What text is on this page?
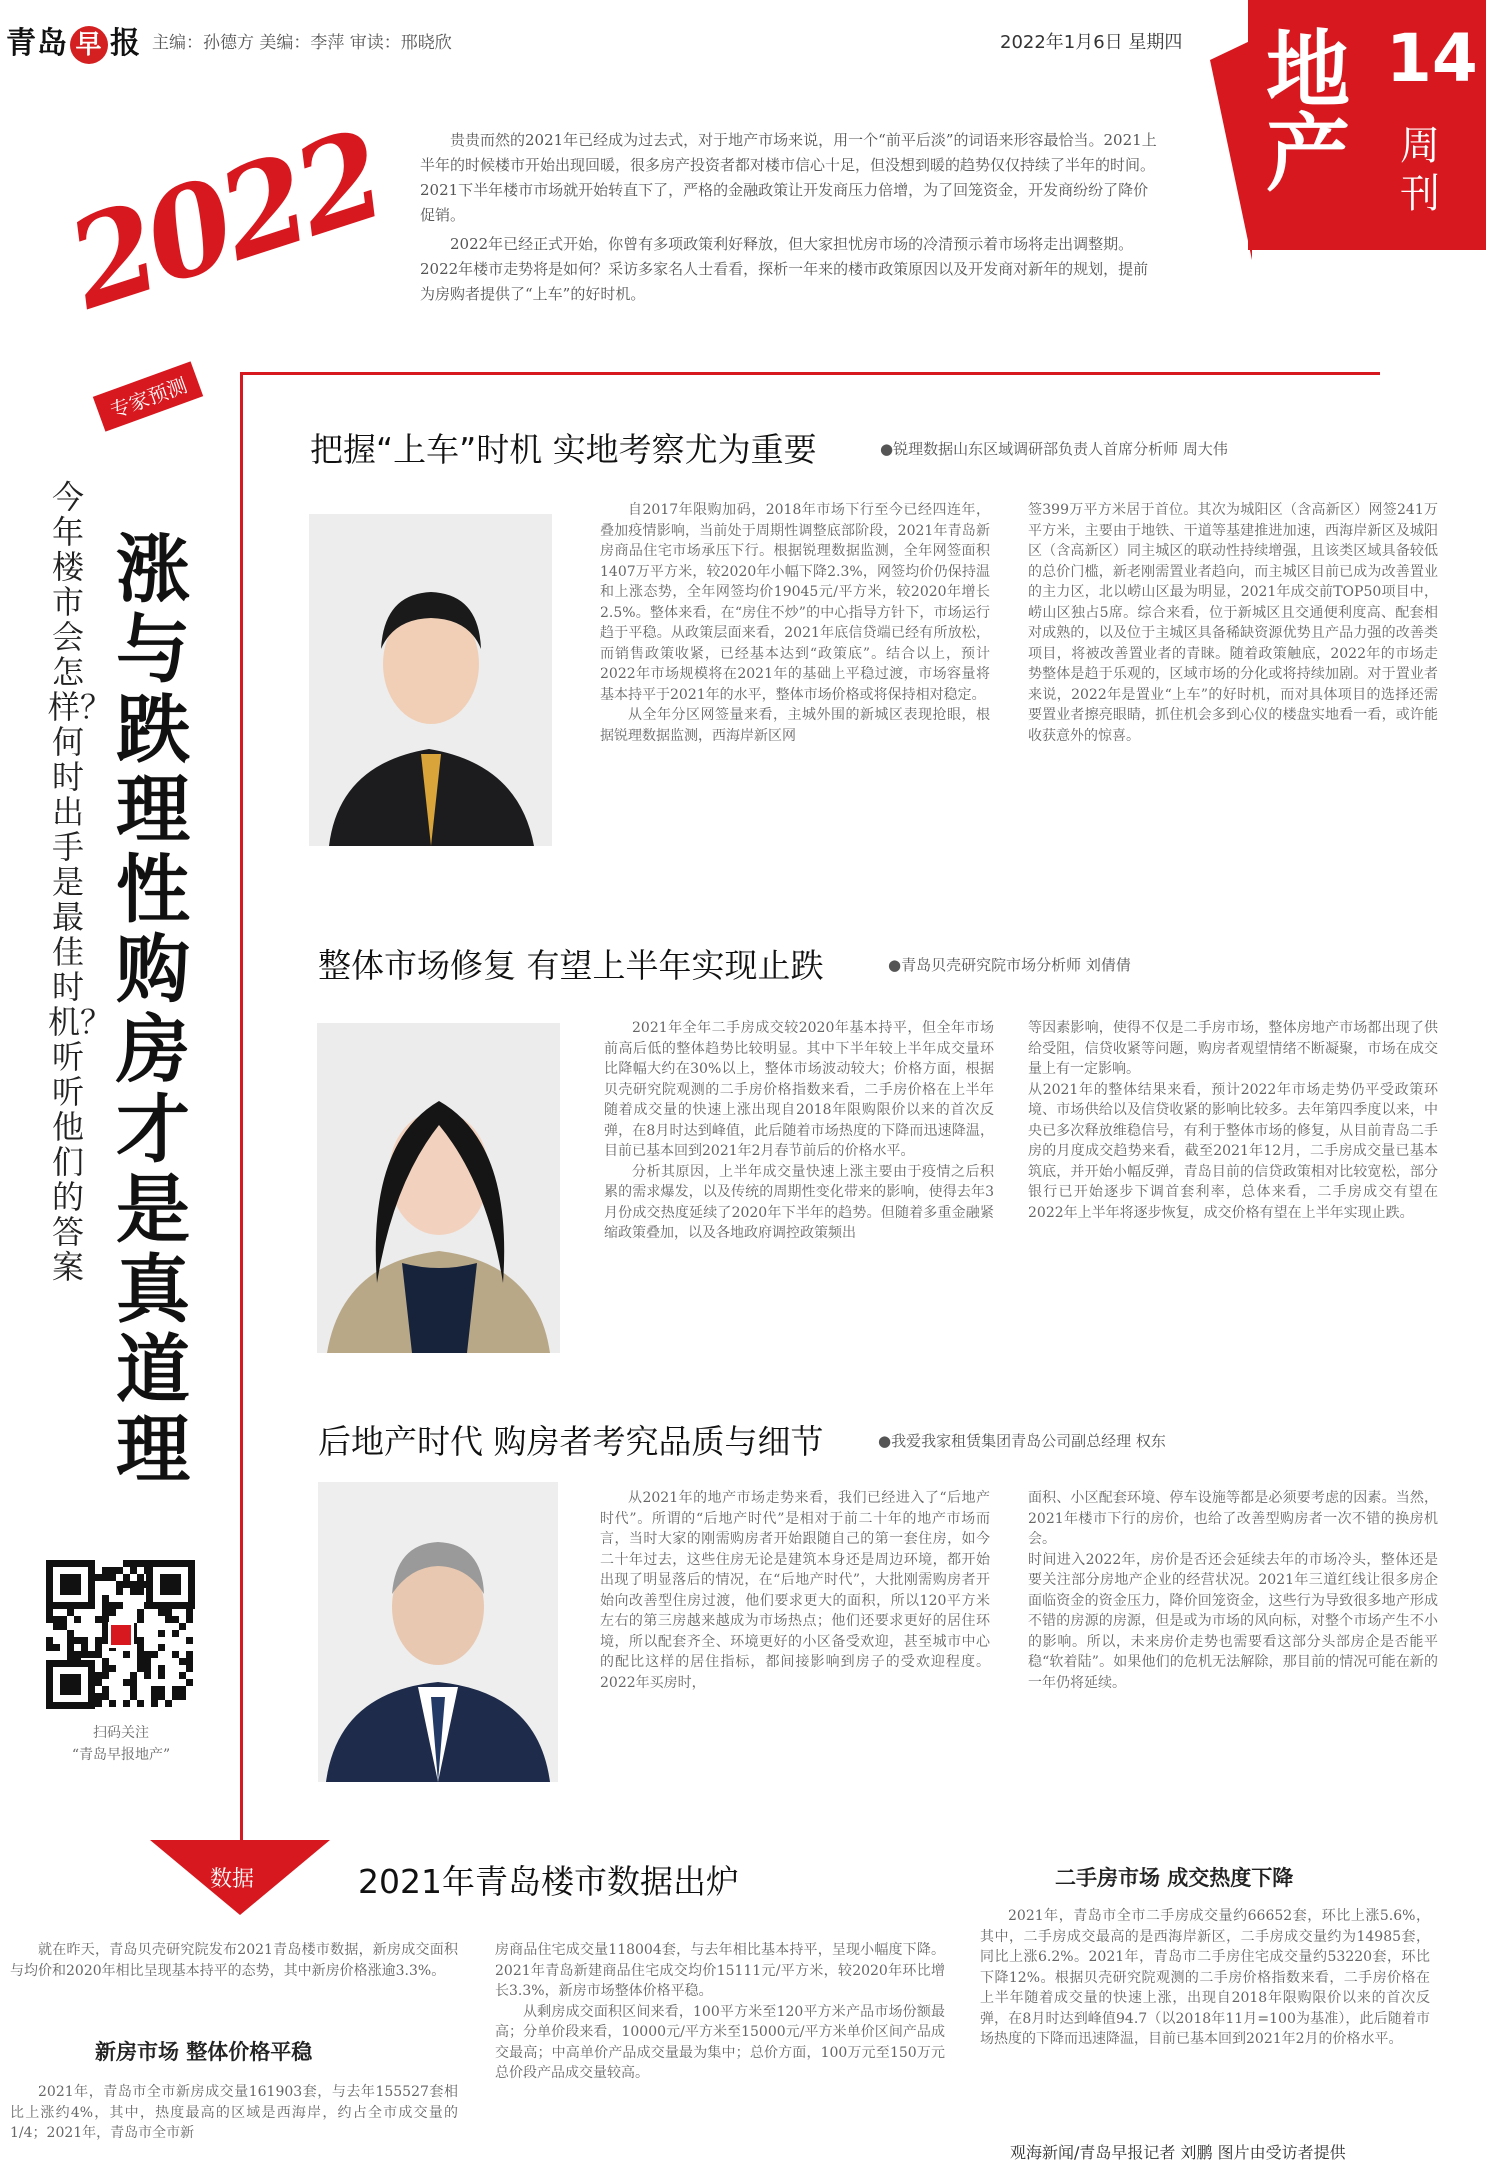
青岛 早 报 主编：孙德方 美编：李萍 审读：邢晓欣	2022年1月6日 星期四 地产
14
周刊

贵贵而然的2021年已经成为过去式，对于地产市场来说，用一个“前平后淡”的词语来形容最恰当。2021上半年的时候楼市开始出现回暖，很多房产投资者都对楼市信心十足，但没想到暖的趋势仅仅持续了半年的时间。2021下半年楼市市场就开始转直下了，严格的金融政策让开发商压力倍增，为了回笼资金，开发商纷纷了降价促销。

2022年已经正式开始，你曾有多项政策利好释放，但大家担忧房市场的冷清预示着市场将走出调整期。2022年楼市走势将是如何？采访多家名人士看看，探析一年来的楼市政策原因以及开发商对新年的规划，提前为房购者提供了“上车”的好时机。

2022
专家预测
今年楼市会怎样？何时出手是最佳时机？听听他们的答案
涨与跌 理性购房才是真道理
扫码关注
“青岛早报地产”
把握“上车”时机 实地考察尤为重要	●锐理数据山东区域调研部负责人首席分析师 周大伟

自2017年限购加码，2018年市场下行至今已经四连年，叠加疫情影响，当前处于周期性调整底部阶段，2021年青岛新房商品住宅市场承压下行。根据锐理数据监测，全年网签面积1407万平方米，较2020年小幅下降2.3%，网签均价仍保持温和上涨态势，全年网签均价19045元/平方米，较2020年增长2.5%。整体来看，在“房住不炒”的中心指导方针下，市场运行趋于平稳。从政策层面来看，2021年底信贷端已经有所放松，而销售政策收紧，已经基本达到“政策底”。结合以上，预计2022年市场规模将在2021年的基础上平稳过渡，市场容量将基本持平于2021年的水平，整体市场价格或将保持相对稳定。

从全年分区网签量来看，主城外围的新城区表现抢眼，根据锐理数据监测，西海岸新区网

签399万平方米居于首位。其次为城阳区（含高新区）网签241万平方米，主要由于地铁、干道等基建推进加速，西海岸新区及城阳区（含高新区）同主城区的联动性持续增强，且该类区域具备较低的总价门槛，新老刚需置业者趋向，而主城区目前已成为改善置业的主力区，北以崂山区最为明显，2021年成交前TOP50项目中，崂山区独占5席。综合来看，位于新城区且交通便利度高、配套相对成熟的，以及位于主城区具备稀缺资源优势且产品力强的改善类项目，将被改善置业者的青睐。随着政策触底，2022年的市场走势整体是趋于乐观的，区域市场的分化或将持续加剧。对于置业者来说，2022年是置业“上车”的好时机，而对具体项目的选择还需要置业者擦亮眼睛，抓住机会多到心仪的楼盘实地看一看，或许能收获意外的惊喜。

整体市场修复 有望上半年实现止跌	●青岛贝壳研究院市场分析师 刘倩倩

2021年全年二手房成交较2020年基本持平，但全年市场前高后低的整体趋势比较明显。其中下半年较上半年成交量环比降幅大约在30%以上，整体市场波动较大；价格方面，根据贝壳研究院观测的二手房价格指数来看，二手房价格在上半年随着成交量的快速上涨出现自2018年限购限价以来的首次反弹，在8月时达到峰值，此后随着市场热度的下降而迅速降温，目前已基本回到2021年2月春节前后的价格水平。

分析其原因，上半年成交量快速上涨主要由于疫情之后积累的需求爆发，以及传统的周期性变化带来的影响，使得去年3月份成交热度延续了2020年下半年的趋势。但随着多重金融紧缩政策叠加，以及各地政府调控政策频出

等因素影响，使得不仅是二手房市场，整体房地产市场都出现了供给受阻，信贷收紧等问题，购房者观望情绪不断凝聚，市场在成交量上有一定影响。

从2021年的整体结果来看，预计2022年市场走势仍平受政策环境、市场供给以及信贷收紧的影响比较多。去年第四季度以来，中央已多次释放维稳信号，有利于整体市场的修复，从目前青岛二手房的月度成交趋势来看，截至2021年12月，二手房成交量已基本筑底，并开始小幅反弹，青岛目前的信贷政策相对比较宽松，部分银行已开始逐步下调首套利率，总体来看，二手房成交有望在2022年上半年将逐步恢复，成交价格有望在上半年实现止跌。

后地产时代 购房者考究品质与细节	●我爱我家租赁集团青岛公司副总经理 权东

从2021年的地产市场走势来看，我们已经进入了“后地产时代”。所谓的“后地产时代”是相对于前二十年的地产市场而言，当时大家的刚需购房者开始跟随自己的第一套住房，如今二十年过去，这些住房无论是建筑本身还是周边环境，都开始出现了明显落后的情况，在“后地产时代”，大批刚需购房者开始向改善型住房过渡，他们要求更大的面积，所以120平方米左右的第三房越来越成为市场热点；他们还要求更好的居住环境，所以配套齐全、环境更好的小区备受欢迎，甚至城市中心的配比这样的居住指标，都间接影响到房子的受欢迎程度。2022年买房时，

面积、小区配套环境、停车设施等都是必须要考虑的因素。当然，2021年楼市下行的房价，也给了改善型购房者一次不错的换房机会。

时间进入2022年，房价是否还会延续去年的市场冷头，整体还是要关注部分房地产企业的经营状况。2021年三道红线让很多房企面临资金的资金压力，降价回笼资金，这些行为导致很多地产形成不错的房源的房源，但是或为市场的风向标，对整个市场产生不小的影响。所以，未来房价走势也需要看这部分头部房企是否能平稳“软着陆”。如果他们的危机无法解除，那目前的情况可能在新的一年仍将延续。

数据	2021年青岛楼市数据出炉
就在昨天，青岛贝壳研究院发布2021青岛楼市数据，新房成交面积与均价和2020年相比呈现基本持平的态势，其中新房价格涨逾3.3%。
新房市场 整体价格平稳
2021年，青岛市全市新房成交量161903套，与去年155527套相比上涨约4%，其中，热度最高的区域是西海岸，约占全市成交量的1/4；2021年，青岛市全市新

房商品住宅成交量118004套，与去年相比基本持平，呈现小幅度下降。2021年青岛新建商品住宅成交均价15111元/平方米，较2020年环比增长3.3%，新房市场整体价格平稳。

从剩房成交面积区间来看，100平方米至120平方米产品市场份额最高；分单价段来看，10000元/平方米至15000元/平方米单价区间产品成交最高；中高单价产品成交量最为集中；总价方面，100万元至150万元总价段产品成交量较高。

二手房市场 成交热度下降
2021年，青岛市全市二手房成交量约66652套，环比上涨5.6%，其中，二手房成交最高的是西海岸新区，二手房成交量约为14985套，同比上涨6.2%。2021年，青岛市二手房住宅成交量约53220套，环比下降12%。根据贝壳研究院观测的二手房价格指数来看，二手房价格在上半年随着成交量的快速上涨，出现自2018年限购限价以来的首次反弹，在8月时达到峰值94.7（以2018年11月=100为基准），此后随着市场热度的下降而迅速降温，目前已基本回到2021年2月的价格水平。
观海新闻/青岛早报记者 刘鹏 图片由受访者提供
